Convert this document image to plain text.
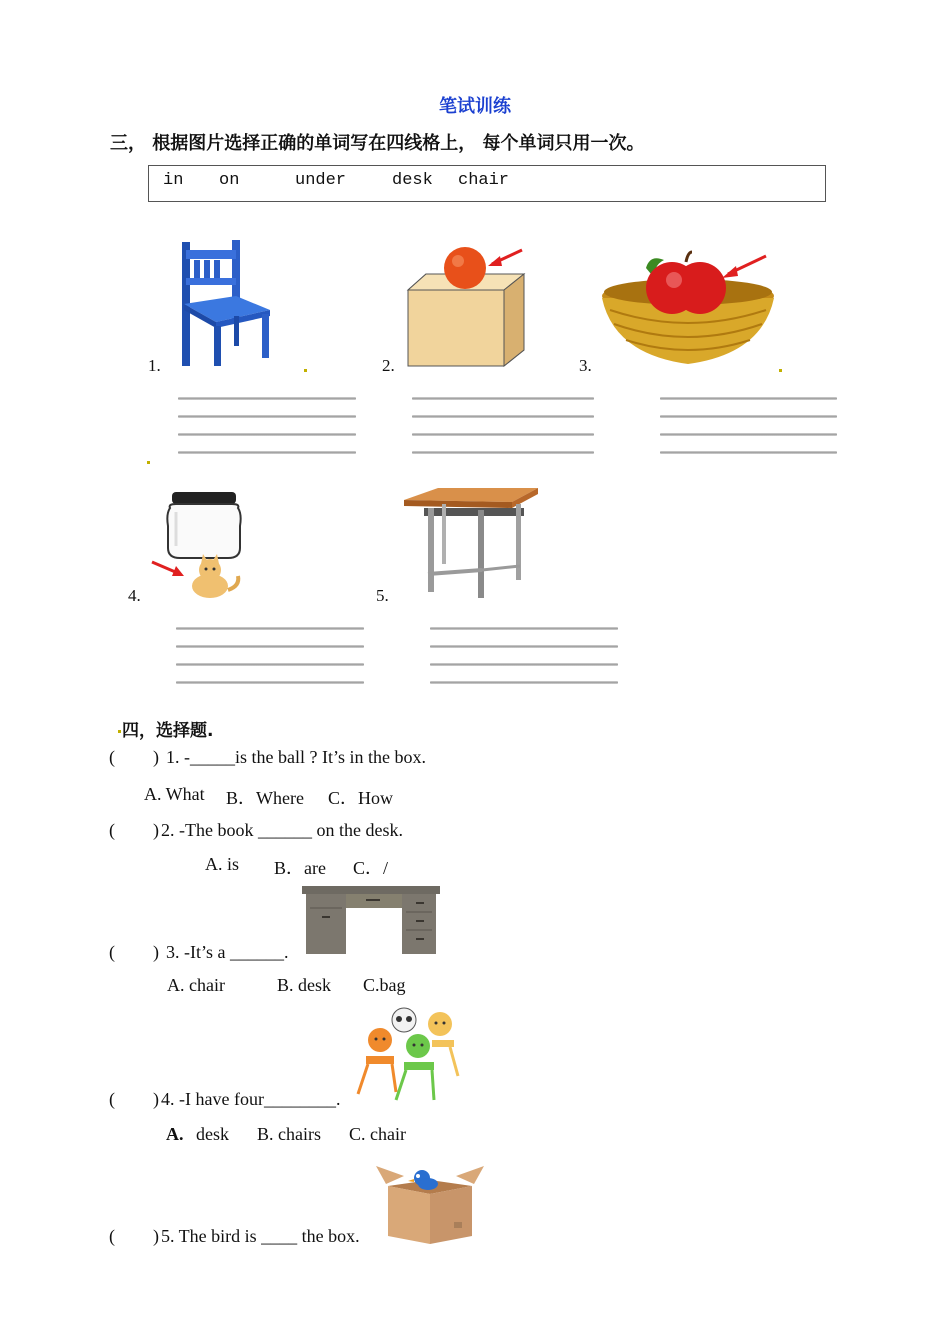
笔试训练
三， 根据图片选择正确的单词写在四线格上， 每个单词只用一次。
in on	under	desk chair
1.	2.	3.
4.	5.
四，选择题.
( ) 1. -_____is the ball ? It’s in the box.
A. What B．Where C．How
( ) 2. -The book ______ on the desk.
A. is B．are C．/
( ) 3. -It’s a ______.
A. chair	B. desk C.bag
( ) 4. -I have four________.
A. desk B. chairs C. chair
( ) 5. The bird is ____ the box.
